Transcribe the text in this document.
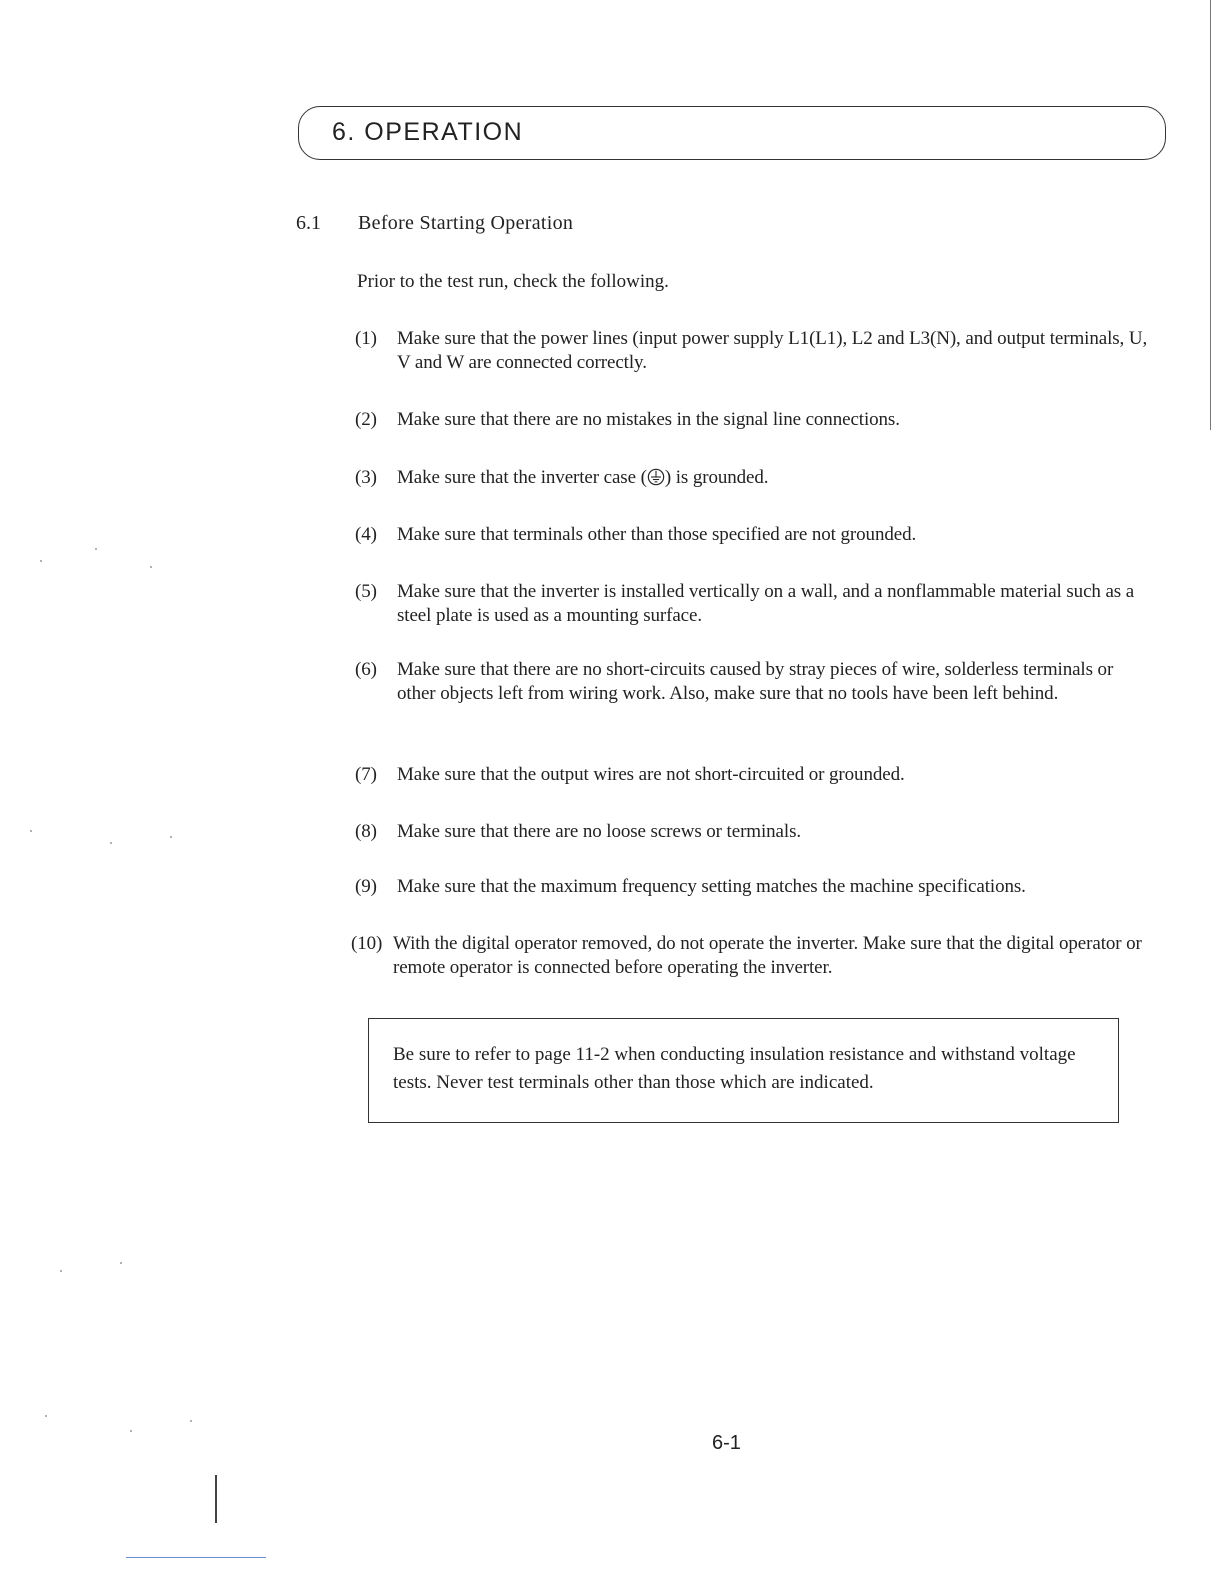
6. OPERATION
6.1 Before Starting Operation
Prior to the test run, check the following.
(1) Make sure that the power lines (input power supply L1(L1), L2 and L3(N), and output terminals, U, V and W are connected correctly.
(2) Make sure that there are no mistakes in the signal line connections.
(3) Make sure that the inverter case ( ) is grounded.
(4) Make sure that terminals other than those specified are not grounded.
(5) Make sure that the inverter is installed vertically on a wall, and a nonflammable material such as a steel plate is used as a mounting surface.
(6) Make sure that there are no short-circuits caused by stray pieces of wire, solderless terminals or other objects left from wiring work. Also, make sure that no tools have been left behind.
(7) Make sure that the output wires are not short-circuited or grounded.
(8) Make sure that there are no loose screws or terminals.
(9) Make sure that the maximum frequency setting matches the machine specifications.
(10) With the digital operator removed, do not operate the inverter. Make sure that the digital operator or remote operator is connected before operating the inverter.
Be sure to refer to page 11-2 when conducting insulation resistance and withstand voltage tests. Never test terminals other than those which are indicated.
6-1
